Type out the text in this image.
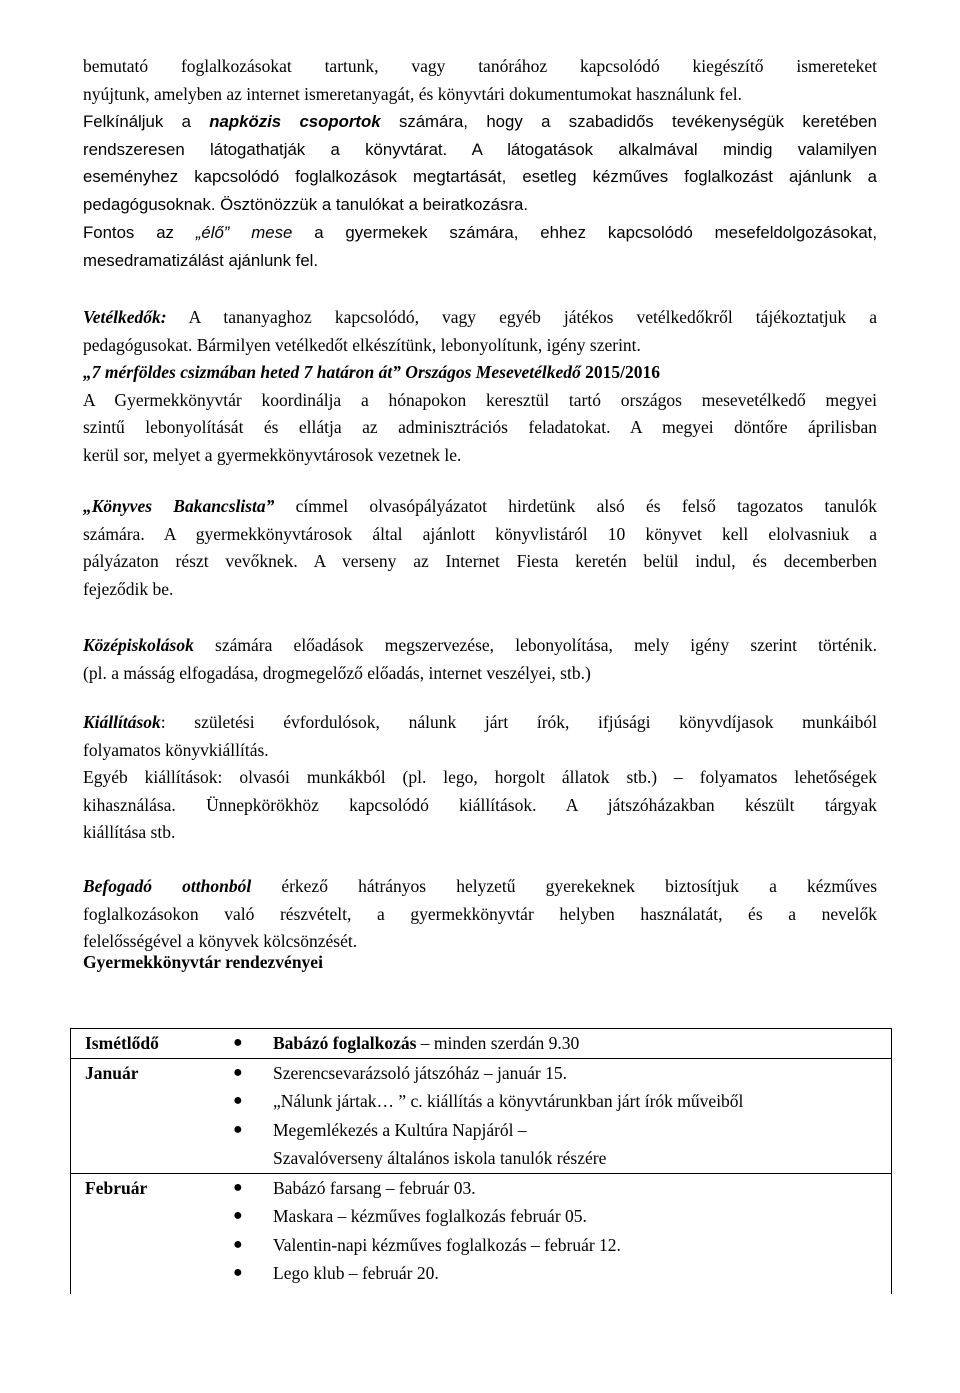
bemutató foglalkozásokat tartunk, vagy tanórához kapcsolódó kiegészítő ismereteket
nyújtunk, amelyben az internet ismeretanyagát, és könyvtári dokumentumokat használunk fel.

Felkínáljuk a napközis csoportok számára, hogy a szabadidős tevékenységük keretében
rendszeresen látogathatják a könyvtárat. A látogatások alkalmával mindig valamilyen
eseményhez kapcsolódó foglalkozások megtartását, esetleg kézműves foglalkozást ajánlunk a
pedagógusoknak. Ösztönözzük a tanulókat a beiratkozásra.

Fontos az „élő” mese a gyermekek számára, ehhez kapcsolódó mesefeldolgozásokat,
mesedramatizálást ajánlunk fel.

Vetélkedők: A tananyaghoz kapcsolódó, vagy egyéb játékos vetélkedőkről tájékoztatjuk a
pedagógusokat. Bármilyen vetélkedőt elkészítünk, lebonyolítunk, igény szerint.
„7 mérföldes csizmában heted 7 határon át” Országos Mesevetélkedő 2015/2016
A Gyermekkönyvtár koordinálja a hónapokon keresztül tartó országos mesevetélkedő megyei
szintű lebonyolítását és ellátja az adminisztrációs feladatokat. A megyei döntőre áprilisban
kerül sor, melyet a gyermekkönyvtárosok vezetnek le.

„Könyves Bakancslista” címmel olvasópályázatot hirdetünk alsó és felső tagozatos tanulók
számára. A gyermekkönyvtárosok által ajánlott könyvlistáról 10 könyvet kell elolvasniuk a
pályázaton részt vevőknek. A verseny az Internet Fiesta keretén belül indul, és decemberben
fejeződik be.

Középiskolások számára előadások megszervezése, lebonyolítása, mely igény szerint történik.
(pl. a másság elfogadása, drogmegelőző előadás, internet veszélyei, stb.)

Kiállítások: születési évfordulósok, nálunk járt írók, ifjúsági könyvdíjasok munkáiból
folyamatos könyvkiállítás.
Egyéb kiállítások: olvasói munkákból (pl. lego, horgolt állatok stb.) – folyamatos lehetőségek
kihasználása. Ünnepkörökhöz kapcsolódó kiállítások. A játszóházakban készült tárgyak
kiállítása stb.

Befogadó otthonból érkező hátrányos helyzetű gyerekeknek biztosítjuk a kézműves
foglalkozásokon való részvételt, a gyermekkönyvtár helyben használatát, és a nevelők
felelősségével a könyvek kölcsönzését.

Gyermekkönyvtár rendezvényei
Ismétlődő	● Babázó foglalkozás – minden szerdán 9.30

Január	● Szerencsevarázsoló játszóház – január 15.
● „Nálunk jártak… ” c. kiállítás a könyvtárunkban járt írók műveiből
● Megemlékezés a Kultúra Napjáról –
Szavalóverseny általános iskola tanulók részére

Február	● Babázó farsang – február 03.
● Maskara – kézműves foglalkozás február 05.
● Valentin-napi kézműves foglalkozás – február 12.
● Lego klub – február 20.
